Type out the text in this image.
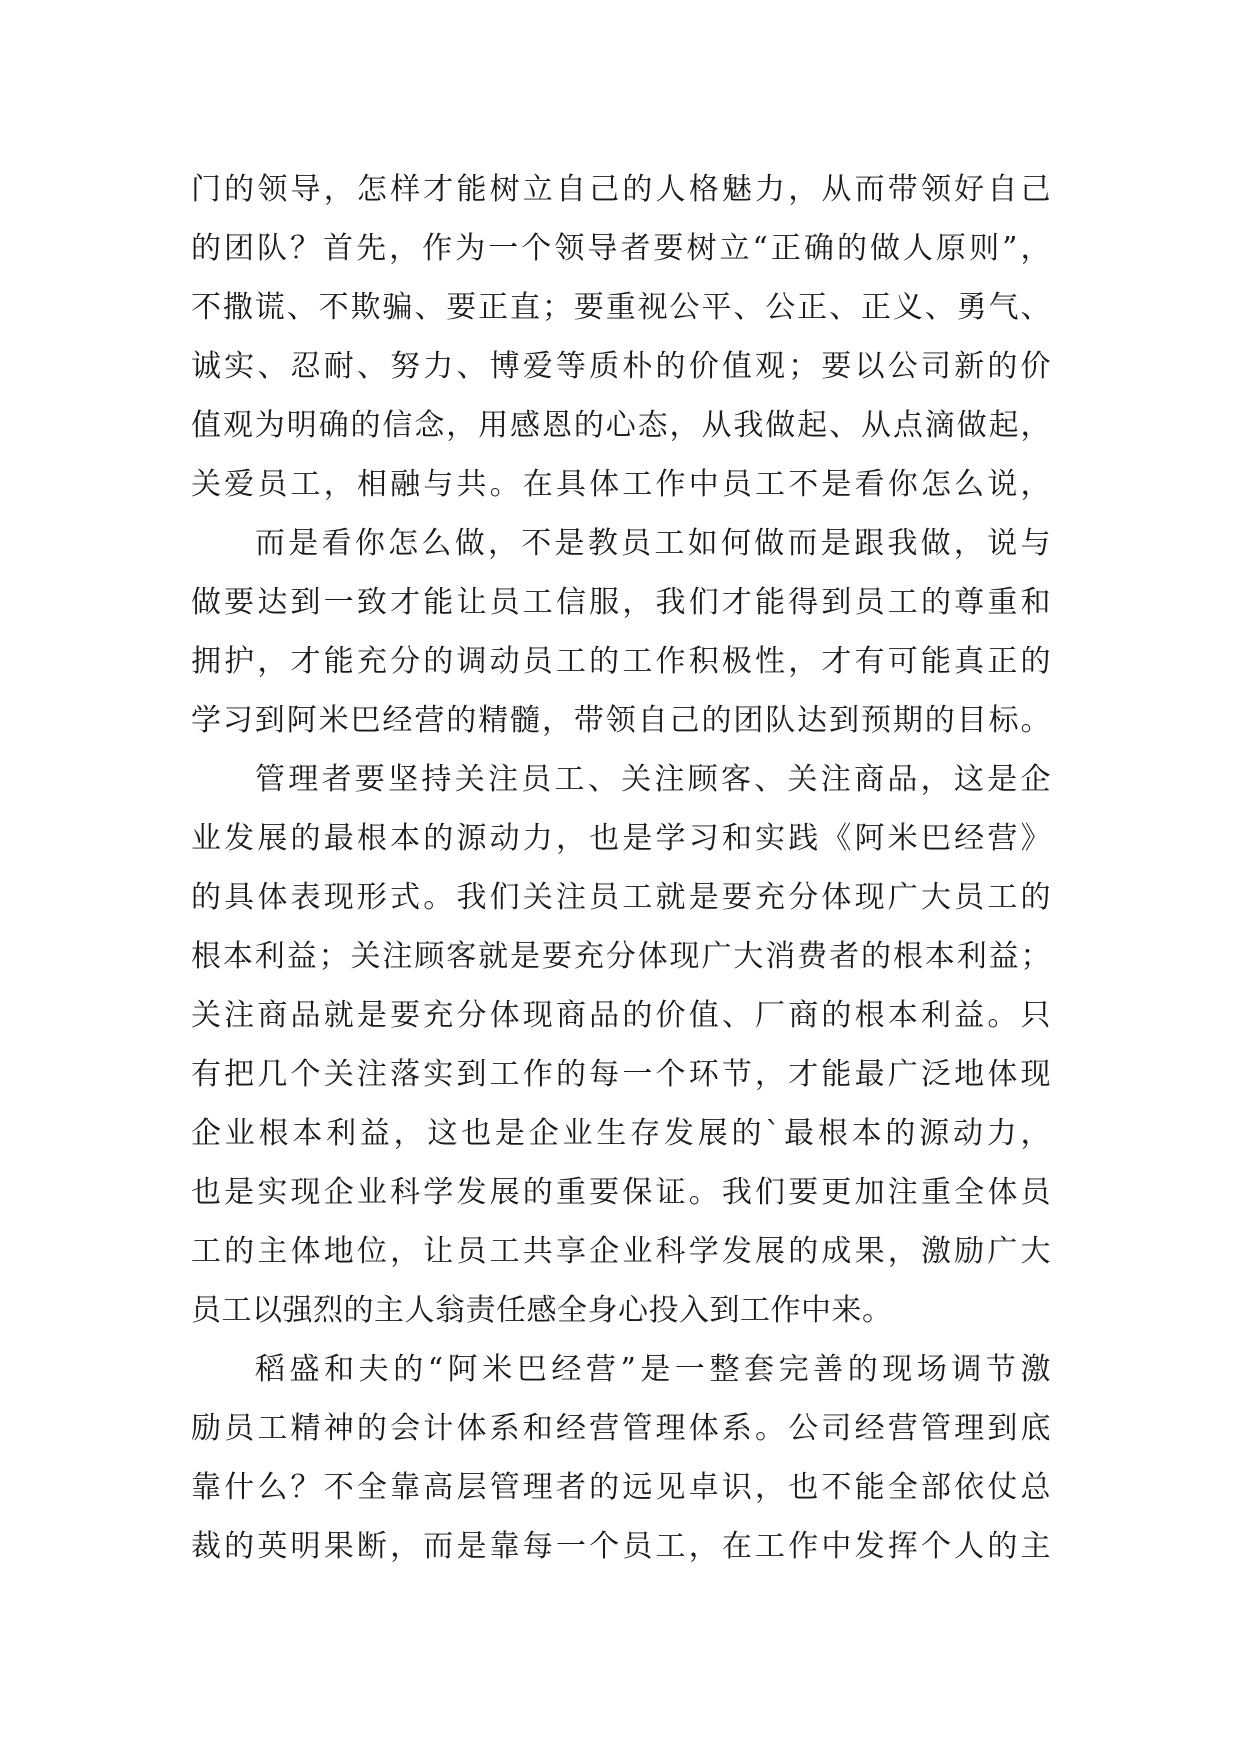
门的领导，怎样才能树立自己的人格魅力，从而带领好自己
的团队？首先，作为一个领导者要树立“正确的做人原则”，
不撒谎、不欺骗、要正直；要重视公平、公正、正义、勇气、
诚实、忍耐、努力、博爱等质朴的价值观；要以公司新的价
值观为明确的信念，用感恩的心态，从我做起、从点滴做起，
关爱员工，相融与共。在具体工作中员工不是看你怎么说，
而是看你怎么做，不是教员工如何做而是跟我做，说与
做要达到一致才能让员工信服，我们才能得到员工的尊重和
拥护，才能充分的调动员工的工作积极性，才有可能真正的
学习到阿米巴经营的精髓，带领自己的团队达到预期的目标。
管理者要坚持关注员工、关注顾客、关注商品，这是企
业发展的最根本的源动力，也是学习和实践《阿米巴经营》
的具体表现形式。我们关注员工就是要充分体现广大员工的
根本利益；关注顾客就是要充分体现广大消费者的根本利益；
关注商品就是要充分体现商品的价值、厂商的根本利益。只
有把几个关注落实到工作的每一个环节，才能最广泛地体现
企业根本利益，这也是企业生存发展的`最根本的源动力，
也是实现企业科学发展的重要保证。我们要更加注重全体员
工的主体地位，让员工共享企业科学发展的成果，激励广大
员工以强烈的主人翁责任感全身心投入到工作中来。
稻盛和夫的“阿米巴经营”是一整套完善的现场调节激
励员工精神的会计体系和经营管理体系。公司经营管理到底
靠什么？不全靠高层管理者的远见卓识，也不能全部依仗总
裁的英明果断，而是靠每一个员工，在工作中发挥个人的主
